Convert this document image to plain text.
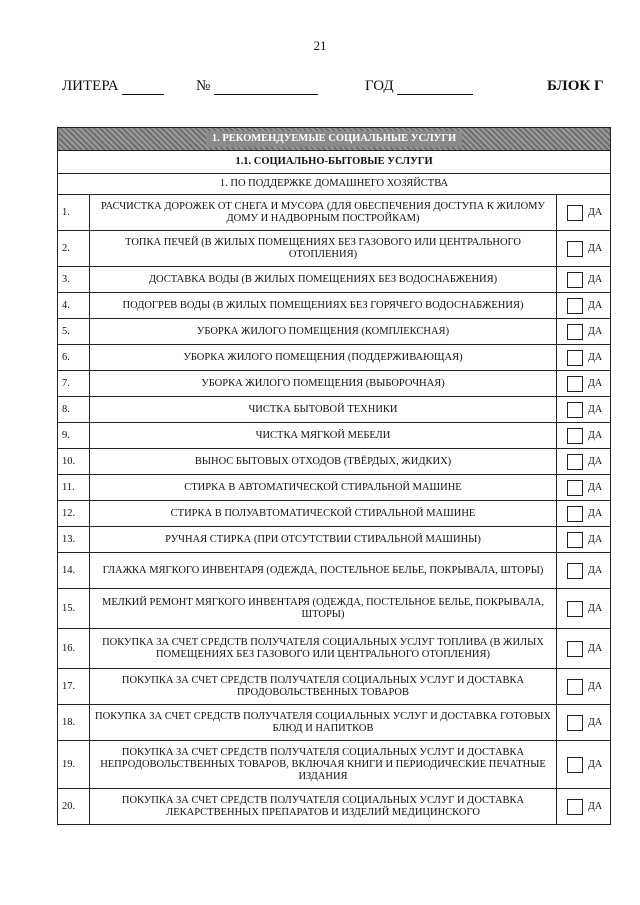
21
ЛИТЕРА	№	ГОД	БЛОК Г
1. РЕКОМЕНДУЕМЫЕ СОЦИАЛЬНЫЕ УСЛУГИ		
1.1. СОЦИАЛЬНО-БЫТОВЫЕ УСЛУГИ		
1. ПО ПОДДЕРЖКЕ ДОМАШНЕГО ХОЗЯЙСТВА		
1.	РАСЧИСТКА ДОРОЖЕК ОТ СНЕГА И МУСОРА (ДЛЯ ОБЕСПЕЧЕНИЯ ДОСТУПА К ЖИЛОМУ ДОМУ И НАДВОРНЫМ ПОСТРОЙКАМ)	ДА
2.	ТОПКА ПЕЧЕЙ (В ЖИЛЫХ ПОМЕЩЕНИЯХ БЕЗ ГАЗОВОГО ИЛИ ЦЕНТРАЛЬНОГО ОТОПЛЕНИЯ)	ДА
3.	ДОСТАВКА ВОДЫ (В ЖИЛЫХ ПОМЕЩЕНИЯХ БЕЗ ВОДОСНАБЖЕНИЯ)	ДА
4.	ПОДОГРЕВ ВОДЫ (В ЖИЛЫХ ПОМЕЩЕНИЯХ БЕЗ ГОРЯЧЕГО ВОДОСНАБЖЕНИЯ)	ДА
5.	УБОРКА ЖИЛОГО ПОМЕЩЕНИЯ (КОМПЛЕКСНАЯ)	ДА
6.	УБОРКА ЖИЛОГО ПОМЕЩЕНИЯ (ПОДДЕРЖИВАЮЩАЯ)	ДА
7.	УБОРКА ЖИЛОГО ПОМЕЩЕНИЯ (ВЫБОРОЧНАЯ)	ДА
8.	ЧИСТКА БЫТОВОЙ ТЕХНИКИ	ДА
9.	ЧИСТКА МЯГКОЙ МЕБЕЛИ	ДА
10.	ВЫНОС БЫТОВЫХ ОТХОДОВ (ТВЁРДЫХ, ЖИДКИХ)	ДА
11.	СТИРКА В АВТОМАТИЧЕСКОЙ СТИРАЛЬНОЙ МАШИНЕ	ДА
12.	СТИРКА В ПОЛУАВТОМАТИЧЕСКОЙ СТИРАЛЬНОЙ МАШИНЕ	ДА
13.	РУЧНАЯ СТИРКА (ПРИ ОТСУТСТВИИ СТИРАЛЬНОЙ МАШИНЫ)	ДА
14.	ГЛАЖКА МЯГКОГО ИНВЕНТАРЯ (ОДЕЖДА, ПОСТЕЛЬНОЕ БЕЛЬЕ, ПОКРЫВАЛА, ШТОРЫ)	ДА
15.	МЕЛКИЙ РЕМОНТ МЯГКОГО ИНВЕНТАРЯ (ОДЕЖДА, ПОСТЕЛЬНОЕ БЕЛЬЕ, ПОКРЫВАЛА, ШТОРЫ)	ДА
16.	ПОКУПКА ЗА СЧЕТ СРЕДСТВ ПОЛУЧАТЕЛЯ СОЦИАЛЬНЫХ УСЛУГ ТОПЛИВА (В ЖИЛЫХ ПОМЕЩЕНИЯХ БЕЗ ГАЗОВОГО ИЛИ ЦЕНТРАЛЬНОГО ОТОПЛЕНИЯ)	ДА
17.	ПОКУПКА ЗА СЧЕТ СРЕДСТВ ПОЛУЧАТЕЛЯ СОЦИАЛЬНЫХ УСЛУГ И ДОСТАВКА ПРОДОВОЛЬСТВЕННЫХ ТОВАРОВ	ДА
18.	ПОКУПКА ЗА СЧЕТ СРЕДСТВ ПОЛУЧАТЕЛЯ СОЦИАЛЬНЫХ УСЛУГ И ДОСТАВКА ГОТОВЫХ БЛЮД И НАПИТКОВ	ДА
19.	ПОКУПКА ЗА СЧЕТ СРЕДСТВ ПОЛУЧАТЕЛЯ СОЦИАЛЬНЫХ УСЛУГ И ДОСТАВКА НЕПРОДОВОЛЬСТВЕННЫХ ТОВАРОВ, ВКЛЮЧАЯ КНИГИ И ПЕРИОДИЧЕСКИЕ ПЕЧАТНЫЕ ИЗДАНИЯ	ДА
20.	ПОКУПКА ЗА СЧЕТ СРЕДСТВ ПОЛУЧАТЕЛЯ СОЦИАЛЬНЫХ УСЛУГ И ДОСТАВКА ЛЕКАРСТВЕННЫХ ПРЕПАРАТОВ И ИЗДЕЛИЙ МЕДИЦИНСКОГО	ДА
